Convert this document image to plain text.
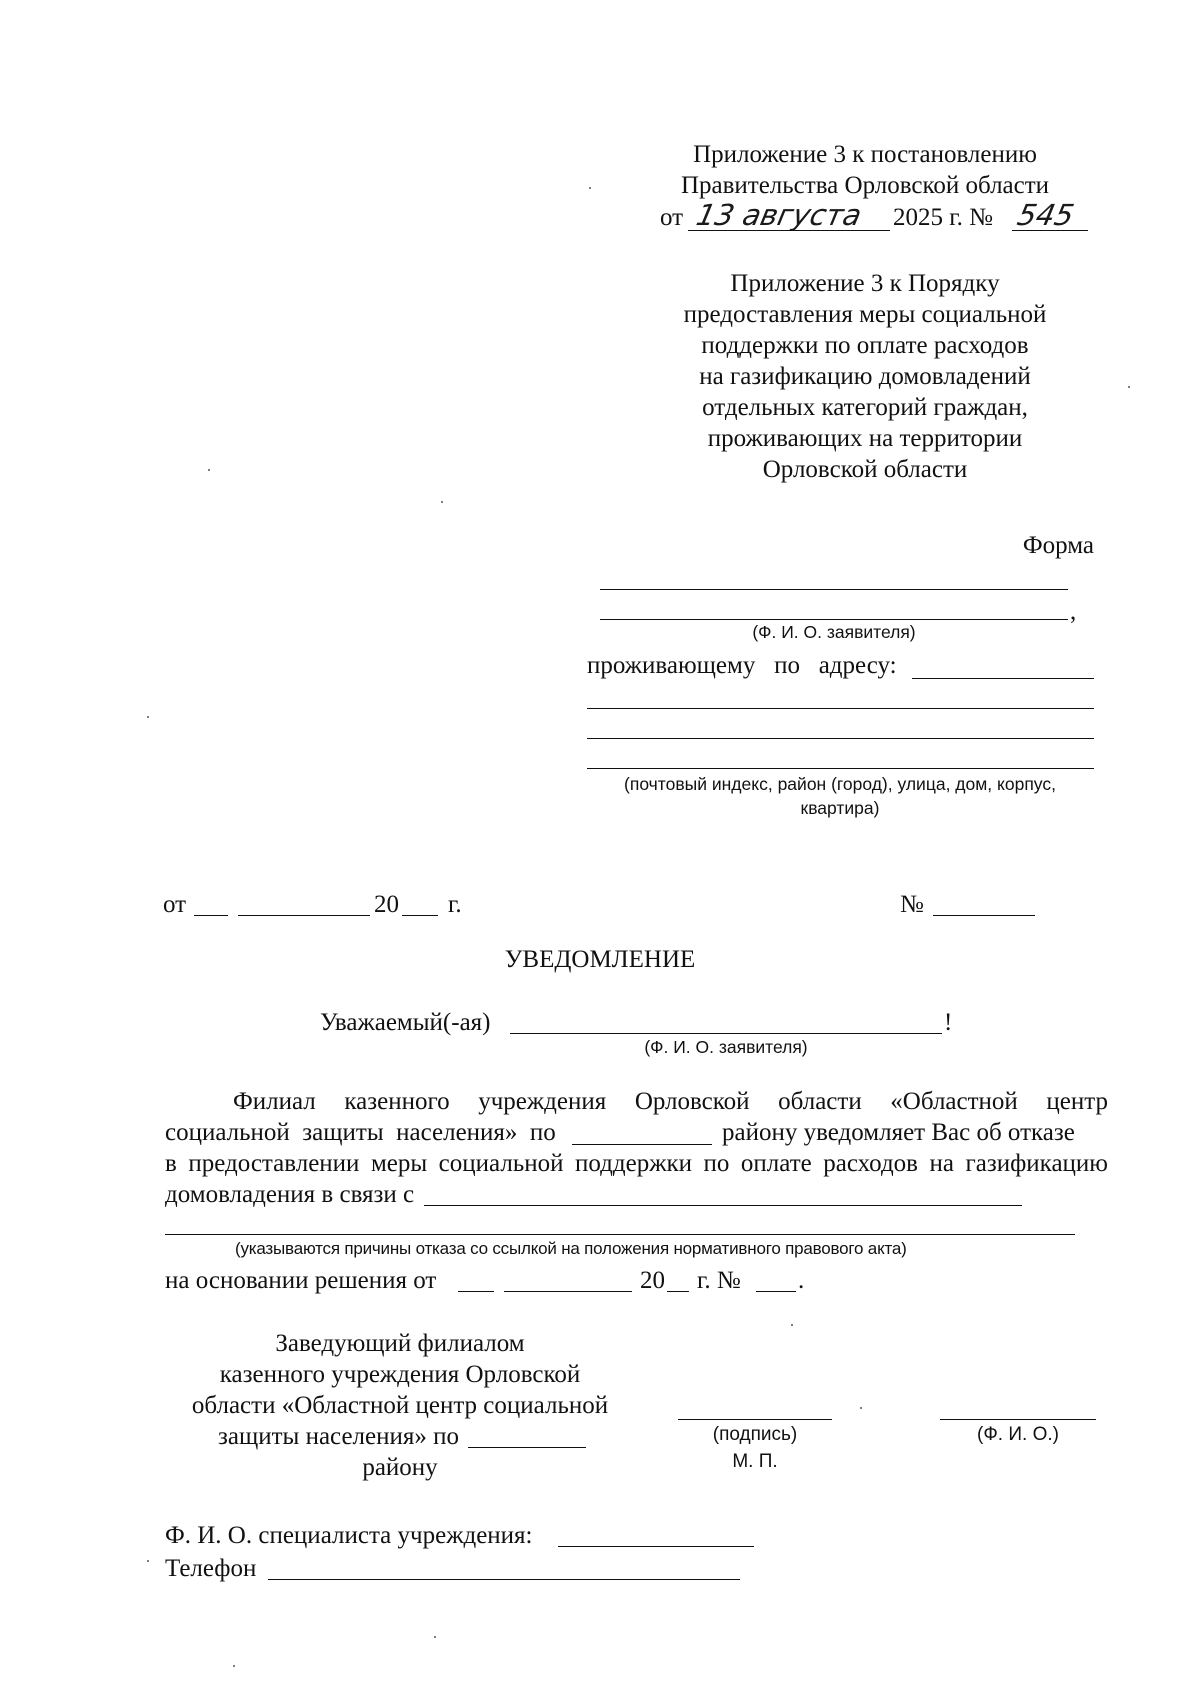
Приложение 3 к постановлению
Правительства Орловской области
от 13 августа 2025 г. № 545
Приложение 3 к Порядку
предоставления меры социальной
поддержки по оплате расходов
на газификацию домовладений
отдельных категорий граждан,
проживающих на территории
Орловской области
Форма
,
(Ф. И. О. заявителя)
проживающему   по   адресу:
(почтовый индекс, район (город), улица, дом, корпус,
квартира)
от	20 г.	№
УВЕДОМЛЕНИЕ
Уважаемый(-ая)	!
(Ф. И. О. заявителя)
Филиал   казенного   учреждения   Орловской   области   «Областной   центр
социальной  защиты  населения»  по	району уведомляет Вас об отказе
в предоставлении меры социальной поддержки по оплате расходов на газификацию
домовладения в связи с
(указываются причины отказа со ссылкой на положения нормативного правового акта)
на основании решения от	20 г. № .
Заведующий филиалом
казенного учреждения Орловской
области «Областной центр социальной
защиты населения» по
району
(подпись)
М. П.
(Ф. И. О.)
Ф. И. О. специалиста учреждения:
Телефон
